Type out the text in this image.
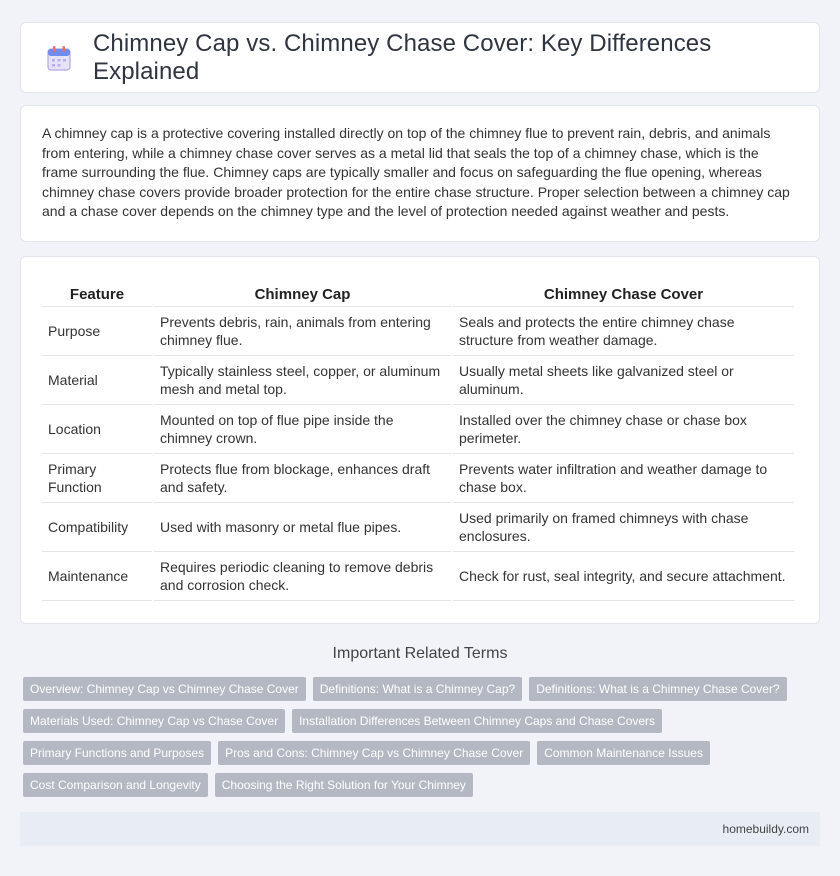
Chimney Cap vs. Chimney Chase Cover: Key Differences Explained

A chimney cap is a protective covering installed directly on top of the chimney flue to prevent rain, debris, and animals from entering, while a chimney chase cover serves as a metal lid that seals the top of a chimney chase, which is the frame surrounding the flue. Chimney caps are typically smaller and focus on safeguarding the flue opening, whereas chimney chase covers provide broader protection for the entire chase structure. Proper selection between a chimney cap and a chase cover depends on the chimney type and the level of protection needed against weather and pests.

Feature	Chimney Cap	Chimney Chase Cover
Purpose	Prevents debris, rain, animals from entering chimney flue.	Seals and protects the entire chimney chase structure from weather damage.
Material	Typically stainless steel, copper, or aluminum mesh and metal top.	Usually metal sheets like galvanized steel or aluminum.
Location	Mounted on top of flue pipe inside the chimney crown.	Installed over the chimney chase or chase box perimeter.
Primary Function	Protects flue from blockage, enhances draft and safety.	Prevents water infiltration and weather damage to chase box.
Compatibility	Used with masonry or metal flue pipes.	Used primarily on framed chimneys with chase enclosures.
Maintenance	Requires periodic cleaning to remove debris and corrosion check.	Check for rust, seal integrity, and secure attachment.
Important Related Terms
Overview: Chimney Cap vs Chimney Chase Cover	Definitions: What is a Chimney Cap?	Definitions: What is a Chimney Chase Cover?
Materials Used: Chimney Cap vs Chase Cover	Installation Differences Between Chimney Caps and Chase Covers
Primary Functions and Purposes	Pros and Cons: Chimney Cap vs Chimney Chase Cover	Common Maintenance Issues
Cost Comparison and Longevity	Choosing the Right Solution for Your Chimney
homebuildy.com
